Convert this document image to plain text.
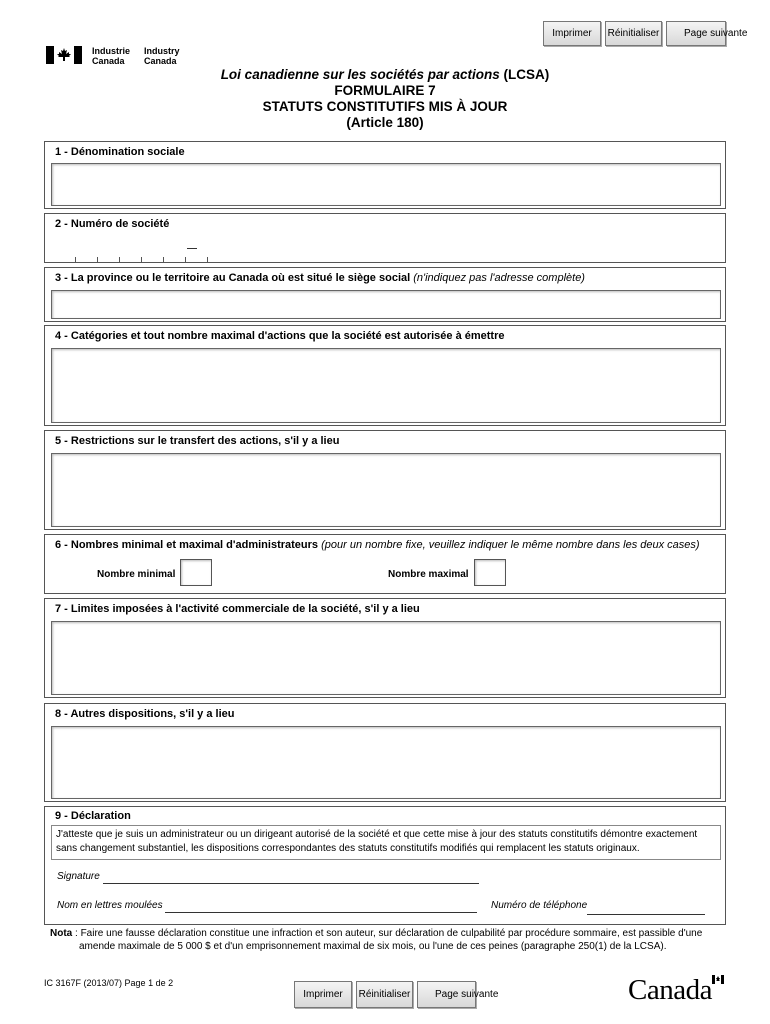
Imprimer	Réinitialiser	Page suivante
Industrie
Canada
Industry
Canada
Loi canadienne sur les sociétés par actions (LCSA)
FORMULAIRE 7
STATUTS CONSTITUTIFS MIS À JOUR
(Article 180)
1 - Dénomination sociale
2 - Numéro de société
3 - La province ou le territoire au Canada où est situé le siège social (n'indiquez pas l'adresse complète)
4 - Catégories et tout nombre maximal d'actions que la société est autorisée à émettre
5 - Restrictions sur le transfert des actions, s'il y a lieu
6 - Nombres minimal et maximal d'administrateurs (pour un nombre fixe, veuillez indiquer le même nombre dans les deux cases)
Nombre minimal	Nombre maximal
7 - Limites imposées à l'activité commerciale de la société, s'il y a lieu
8 - Autres dispositions, s'il y a lieu
9 - Déclaration
J'atteste que je suis un administrateur ou un dirigeant autorisé de la société et que cette mise à jour des statuts constitutifs démontre exactement sans changement substantiel, les dispositions correspondantes des statuts constitutifs modifiés qui remplacent les statuts originaux.
Signature
Nom en lettres moulées	Numéro de téléphone
Nota : Faire une fausse déclaration constitue une infraction et son auteur, sur déclaration de culpabilité par procédure sommaire, est passible d'une
amende maximale de 5 000 $ et d'un emprisonnement maximal de six mois, ou l'une de ces peines (paragraphe 250(1) de la LCSA).
IC 3167F (2013/07) Page 1 de 2
Imprimer	Réinitialiser	Page suivante	Canada
